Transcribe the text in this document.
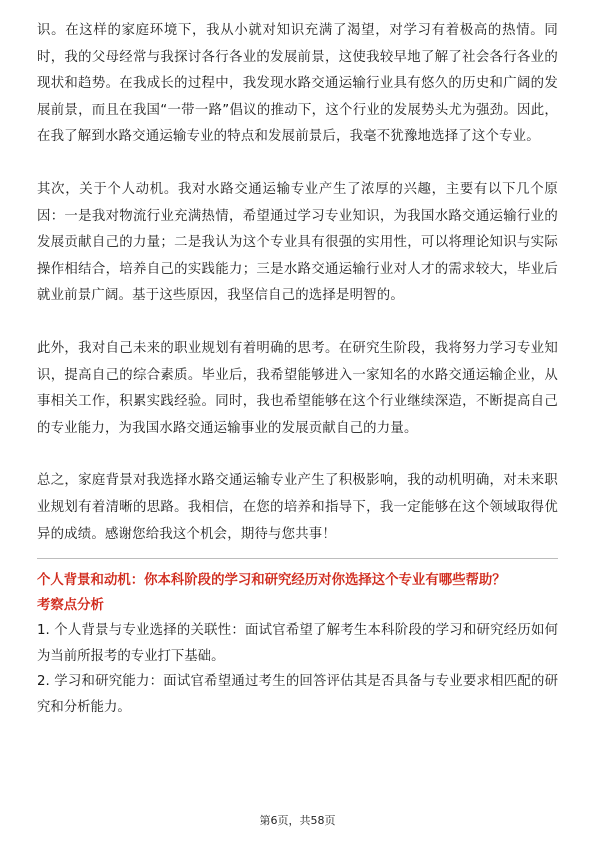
识。在这样的家庭环境下，我从小就对知识充满了渴望，对学习有着极高的热情。同时，我的父母经常与我探讨各行各业的发展前景，这使我较早地了解了社会各行各业的现状和趋势。在我成长的过程中，我发现水路交通运输行业具有悠久的历史和广阔的发展前景，而且在我国“一带一路”倡议的推动下，这个行业的发展势头尤为强劲。因此，在我了解到水路交通运输专业的特点和发展前景后，我毫不犹豫地选择了这个专业。

其次，关于个人动机。我对水路交通运输专业产生了浓厚的兴趣，主要有以下几个原因：一是我对物流行业充满热情，希望通过学习专业知识，为我国水路交通运输行业的发展贡献自己的力量；二是我认为这个专业具有很强的实用性，可以将理论知识与实际操作相结合，培养自己的实践能力；三是水路交通运输行业对人才的需求较大，毕业后就业前景广阔。基于这些原因，我坚信自己的选择是明智的。

此外，我对自己未来的职业规划有着明确的思考。在研究生阶段，我将努力学习专业知识，提高自己的综合素质。毕业后，我希望能够进入一家知名的水路交通运输企业，从事相关工作，积累实践经验。同时，我也希望能够在这个行业继续深造，不断提高自己的专业能力，为我国水路交通运输事业的发展贡献自己的力量。

总之，家庭背景对我选择水路交通运输专业产生了积极影响，我的动机明确，对未来职业规划有着清晰的思路。我相信，在您的培养和指导下，我一定能够在这个领域取得优异的成绩。感谢您给我这个机会，期待与您共事！

个人背景和动机：你本科阶段的学习和研究经历对你选择这个专业有哪些帮助？

考察点分析

1. 个人背景与专业选择的关联性：面试官希望了解考生本科阶段的学习和研究经历如何为当前所报考的专业打下基础。

2. 学习和研究能力：面试官希望通过考生的回答评估其是否具备与专业要求相匹配的研究和分析能力。

第6页，共58页
